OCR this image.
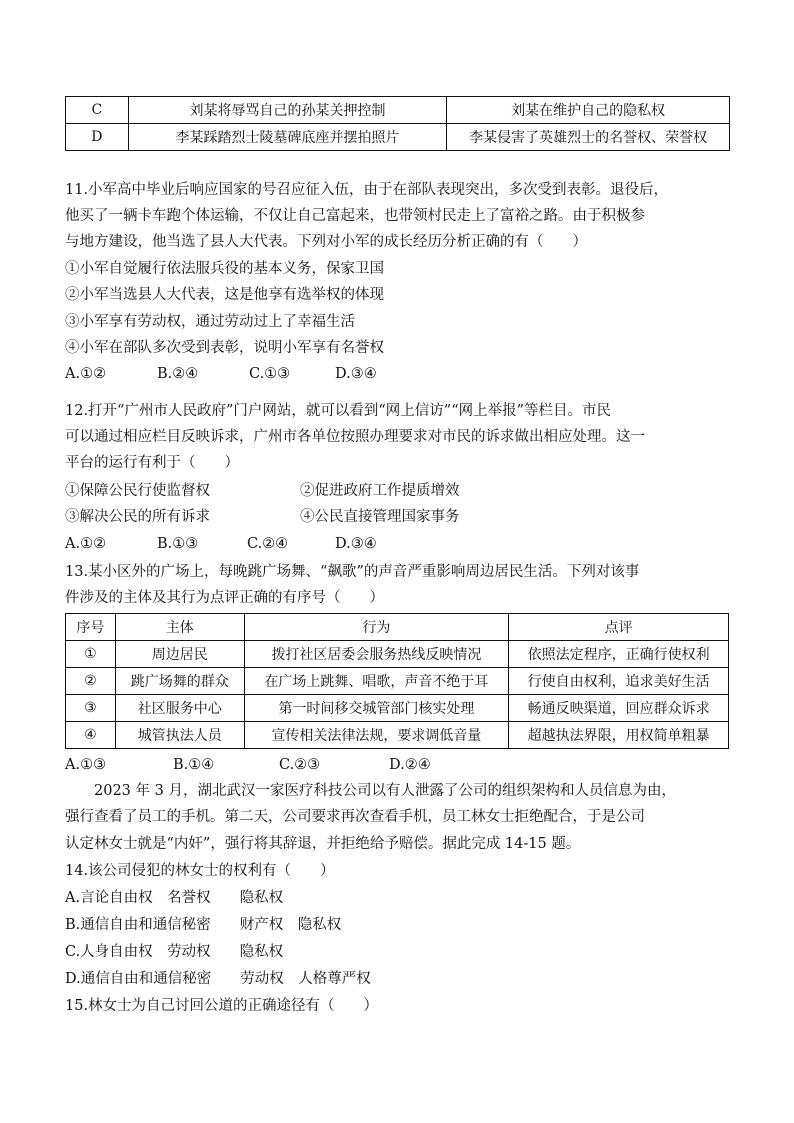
C	刘某将辱骂自己的孙某关押控制	刘某在维护自己的隐私权
D	李某踩踏烈士陵墓碑底座并摆拍照片	李某侵害了英雄烈士的名誉权、荣誉权
11.小军高中毕业后响应国家的号召应征入伍，由于在部队表现突出，多次受到表彰。退役后，
他买了一辆卡车跑个体运输，不仅让自己富起来，也带领村民走上了富裕之路。由于积极参
与地方建设，他当选了县人大代表。下列对小军的成长经历分析正确的有（　　）
①小军自觉履行依法服兵役的基本义务，保家卫国
②小军当选县人大代表，这是他享有选举权的体现
③小军享有劳动权，通过劳动过上了幸福生活
④小军在部队多次受到表彰，说明小军享有名誉权
A.①②	B.②④	C.①③	D.③④
12.打开“广州市人民政府”门户网站，就可以看到“网上信访”“网上举报”等栏目。市民
可以通过相应栏目反映诉求，广州市各单位按照办理要求对市民的诉求做出相应处理。这一
平台的运行有利于（　　）
①保障公民行使监督权	②促进政府工作提质增效
③解决公民的所有诉求	④公民直接管理国家事务
A.①②	B.①③	C.②④	D.③④
13.某小区外的广场上，每晚跳广场舞、“飙歌”的声音严重影响周边居民生活。下列对该事
件涉及的主体及其行为点评正确的有序号（　　）
序号	主体	行为	点评
①	周边居民	拨打社区居委会服务热线反映情况	依照法定程序，正确行使权利
②	跳广场舞的群众	在广场上跳舞、唱歌，声音不绝于耳	行使自由权利，追求美好生活
③	社区服务中心	第一时间移交城管部门核实处理	畅通反映渠道，回应群众诉求
④	城管执法人员	宣传相关法律法规，要求调低音量	超越执法界限，用权简单粗暴
A.①③	B.①④	C.②③	D.②④
　　2023 年 3 月，湖北武汉一家医疗科技公司以有人泄露了公司的组织架构和人员信息为由，
强行查看了员工的手机。第二天，公司要求再次查看手机，员工林女士拒绝配合，于是公司
认定林女士就是“内奸”，强行将其辞退，并拒绝给予赔偿。据此完成 14-15 题。
14.该公司侵犯的林女士的权利有（　　）
A.言论自由权　名誉权　　隐私权
B.通信自由和通信秘密　　财产权　隐私权
C.人身自由权　劳动权　　隐私权
D.通信自由和通信秘密　　劳动权　人格尊严权
15.林女士为自己讨回公道的正确途径有（　　）
